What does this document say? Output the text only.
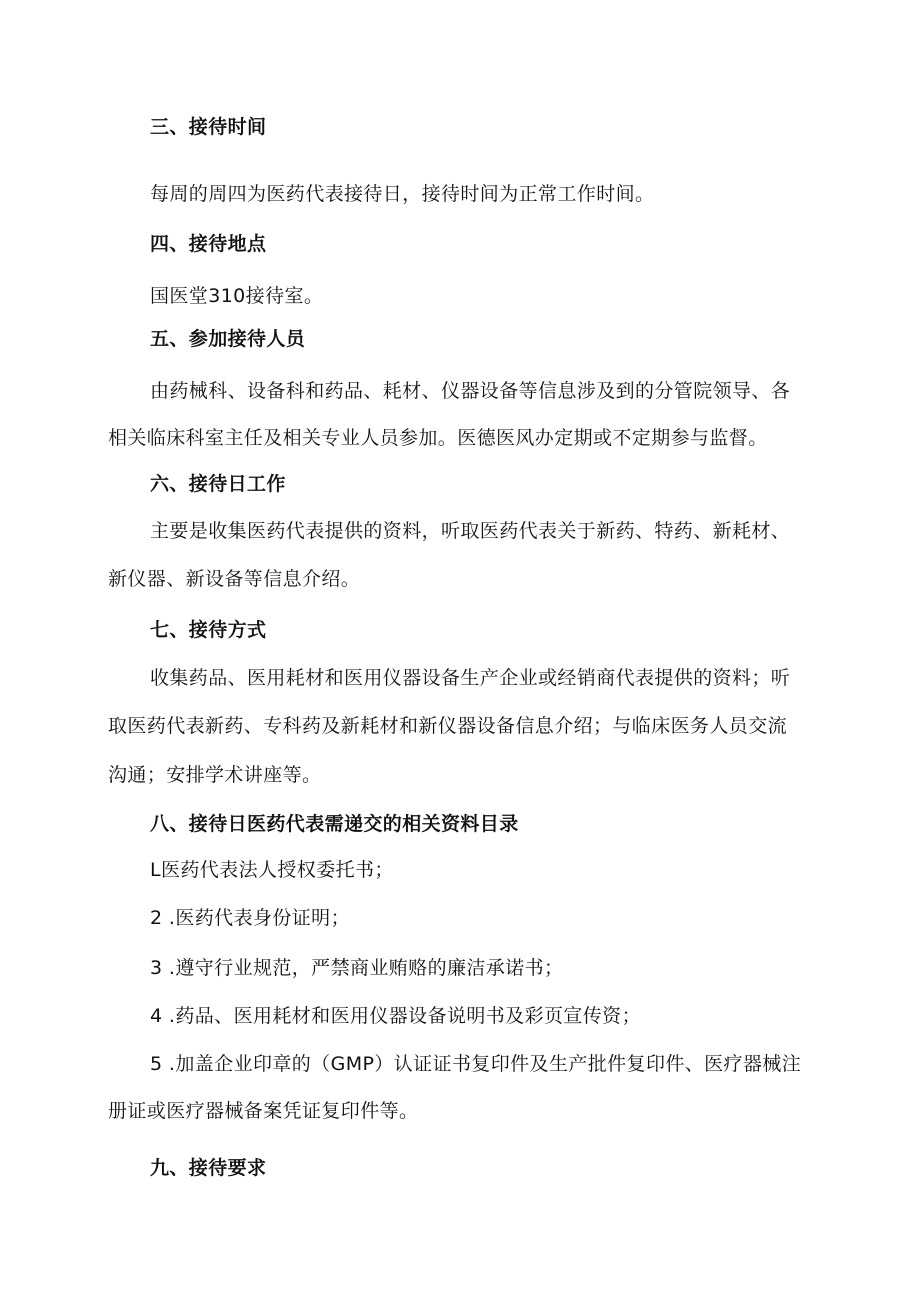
三、接待时间
每周的周四为医药代表接待日，接待时间为正常工作时间。
四、接待地点
国医堂310接待室。
五、参加接待人员
由药械科、设备科和药品、耗材、仪器设备等信息涉及到的分管院领导、各
相关临床科室主任及相关专业人员参加。医德医风办定期或不定期参与监督。
六、接待日工作
主要是收集医药代表提供的资料，听取医药代表关于新药、特药、新耗材、
新仪器、新设备等信息介绍。
七、接待方式
收集药品、医用耗材和医用仪器设备生产企业或经销商代表提供的资料；听
取医药代表新药、专科药及新耗材和新仪器设备信息介绍；与临床医务人员交流
沟通；安排学术讲座等。
八、接待日医药代表需递交的相关资料目录
L医药代表法人授权委托书；
2 .医药代表身份证明；
3 .遵守行业规范，严禁商业贿赂的廉洁承诺书；
4 .药品、医用耗材和医用仪器设备说明书及彩页宣传资；
5 .加盖企业印章的（GMP）认证证书复印件及生产批件复印件、医疗器械注
册证或医疗器械备案凭证复印件等。
九、接待要求
